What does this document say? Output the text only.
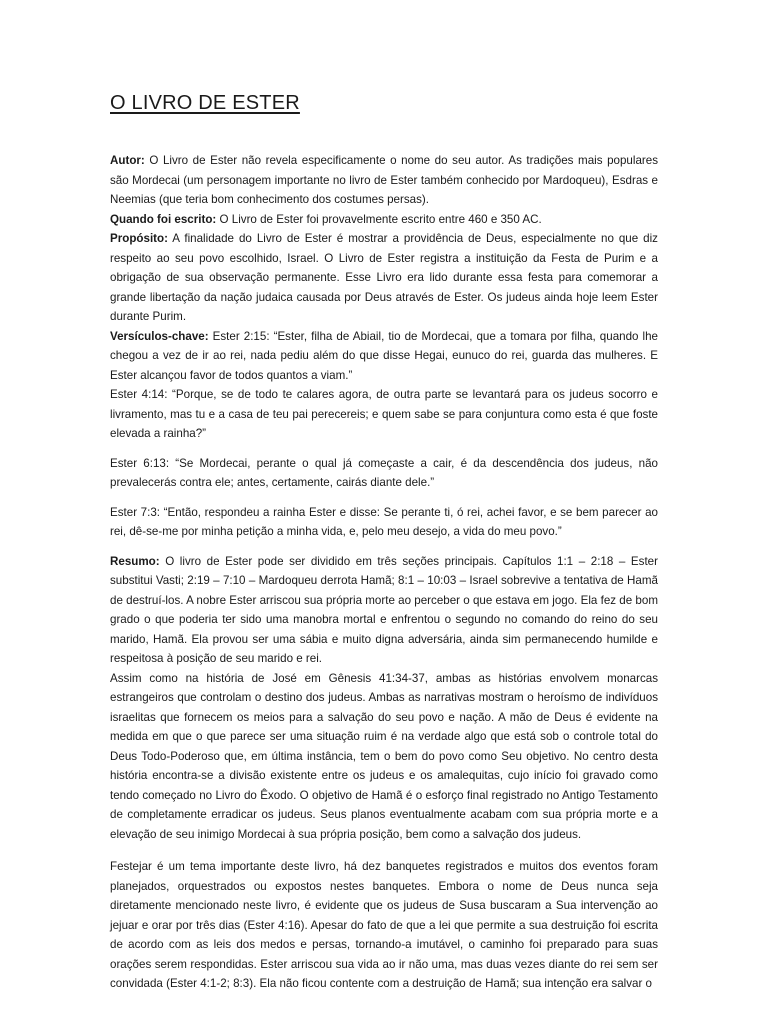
O LIVRO DE ESTER

Autor: O Livro de Ester não revela especificamente o nome do seu autor. As tradições mais populares são Mordecai (um personagem importante no livro de Ester também conhecido por Mardoqueu), Esdras e Neemias (que teria bom conhecimento dos costumes persas).

Quando foi escrito: O Livro de Ester foi provavelmente escrito entre 460 e 350 AC.

Propósito: A finalidade do Livro de Ester é mostrar a providência de Deus, especialmente no que diz respeito ao seu povo escolhido, Israel. O Livro de Ester registra a instituição da Festa de Purim e a obrigação de sua observação permanente. Esse Livro era lido durante essa festa para comemorar a grande libertação da nação judaica causada por Deus através de Ester. Os judeus ainda hoje leem Ester durante Purim.

Versículos-chave: Ester 2:15: “Ester, filha de Abiail, tio de Mordecai, que a tomara por filha, quando lhe chegou a vez de ir ao rei, nada pediu além do que disse Hegai, eunuco do rei, guarda das mulheres. E Ester alcançou favor de todos quantos a viam.”

Ester 4:14: “Porque, se de todo te calares agora, de outra parte se levantará para os judeus socorro e livramento, mas tu e a casa de teu pai perecereis; e quem sabe se para conjuntura como esta é que foste elevada a rainha?”

Ester 6:13: “Se Mordecai, perante o qual já começaste a cair, é da descendência dos judeus, não prevalecerás contra ele; antes, certamente, cairás diante dele.”

Ester 7:3: “Então, respondeu a rainha Ester e disse: Se perante ti, ó rei, achei favor, e se bem parecer ao rei, dê-se-me por minha petição a minha vida, e, pelo meu desejo, a vida do meu povo.”

Resumo: O livro de Ester pode ser dividido em três seções principais. Capítulos 1:1 – 2:18 – Ester substitui Vasti; 2:19 – 7:10 – Mardoqueu derrota Hamã; 8:1 – 10:03 – Israel sobrevive a tentativa de Hamã de destruí-los. A nobre Ester arriscou sua própria morte ao perceber o que estava em jogo. Ela fez de bom grado o que poderia ter sido uma manobra mortal e enfrentou o segundo no comando do reino do seu marido, Hamã. Ela provou ser uma sábia e muito digna adversária, ainda sim permanecendo humilde e respeitosa à posição de seu marido e rei.

Assim como na história de José em Gênesis 41:34-37, ambas as histórias envolvem monarcas estrangeiros que controlam o destino dos judeus. Ambas as narrativas mostram o heroísmo de indivíduos israelitas que fornecem os meios para a salvação do seu povo e nação. A mão de Deus é evidente na medida em que o que parece ser uma situação ruim é na verdade algo que está sob o controle total do Deus Todo-Poderoso que, em última instância, tem o bem do povo como Seu objetivo. No centro desta história encontra-se a divisão existente entre os judeus e os amalequitas, cujo início foi gravado como tendo começado no Livro do Êxodo. O objetivo de Hamã é o esforço final registrado no Antigo Testamento de completamente erradicar os judeus. Seus planos eventualmente acabam com sua própria morte e a elevação de seu inimigo Mordecai à sua própria posição, bem como a salvação dos judeus.

Festejar é um tema importante deste livro, há dez banquetes registrados e muitos dos eventos foram planejados, orquestrados ou expostos nestes banquetes. Embora o nome de Deus nunca seja diretamente mencionado neste livro, é evidente que os judeus de Susa buscaram a Sua intervenção ao jejuar e orar por três dias (Ester 4:16). Apesar do fato de que a lei que permite a sua destruição foi escrita de acordo com as leis dos medos e persas, tornando-a imutável, o caminho foi preparado para suas orações serem respondidas. Ester arriscou sua vida ao ir não uma, mas duas vezes diante do rei sem ser convidada (Ester 4:1-2; 8:3). Ela não ficou contente com a destruição de Hamã; sua intenção era salvar o
